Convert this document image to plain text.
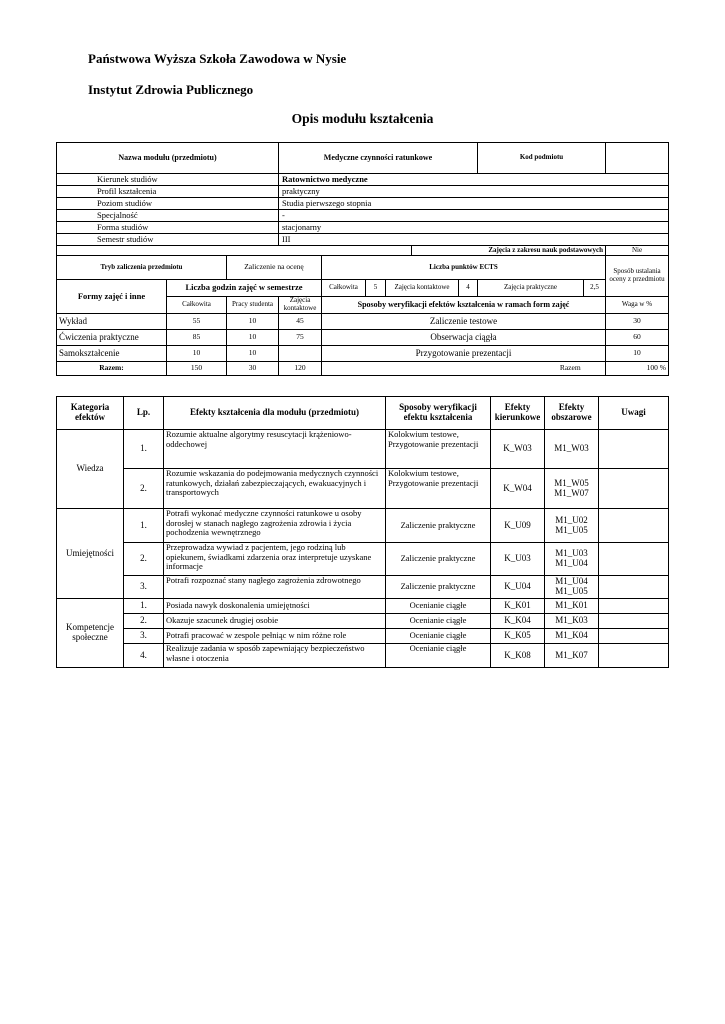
Państwowa Wyższa Szkoła Zawodowa w Nysie
Instytut Zdrowia Publicznego
Opis modułu kształcenia
Nazwa modułu (przedmiotu)			Medyczne czynności ratunkowe						Kod podmiotu			
Kierunek studiów			Ratownictwo medyczne									
Profil kształcenia			praktyczny									
Poziom studiów			Studia pierwszego stopnia									
Specjalność			-									
Forma studiów			stacjonarny									
Semestr studiów			III									
							Zajęcia z zakresu nauk podstawowych					Nie
Tryb zaliczenia przedmiotu		Zaliczenie na ocenę		Liczba punktów ECTS								Sposób ustalania oceny z przedmiotu
Formy zajęć i inne	Liczba godzin zajęć w semestrze			Całkowita	5	Zajęcia kontaktowe		4	Zajęcia praktyczne		2,5	
	Całkowita	Pracy studenta	Zajęcia kontaktowe	Sposoby weryfikacji efektów kształcenia w ramach form zajęć								Waga w %
Wykład	55	10	45	Zaliczenie testowe								30
Ćwiczenia praktyczne	85	10	75	Obserwacja ciągła								60
Samokształcenie	10	10		Przygotowanie prezentacji								10
Razem:	150	30	120							Razem		100 %
Kategoria efektów	Lp.	Efekty kształcenia dla modułu (przedmiotu)	Sposoby weryfikacji efektu kształcenia	Efekty kierunkowe	Efekty obszarowe	Uwagi
Wiedza	1.	Rozumie aktualne algorytmy resuscytacji krążeniowo-oddechowej	Kolokwium testowe, Przygotowanie prezentacji	K_W03	M1_W03	
	2.	Rozumie wskazania do podejmowania medycznych czynności ratunkowych, działań zabezpieczających, ewakuacyjnych i transportowych	Kolokwium testowe, Przygotowanie prezentacji	K_W04	M1_W05 M1_W07	
Umiejętności	1.	Potrafi wykonać medyczne czynności ratunkowe u osoby dorosłej w stanach nagłego zagrożenia zdrowia i życia pochodzenia wewnętrznego	Zaliczenie praktyczne	K_U09	M1_U02 M1_U05	
	2.	Przeprowadza wywiad z pacjentem, jego rodziną lub opiekunem, świadkami zdarzenia oraz interpretuje uzyskane informacje	Zaliczenie praktyczne	K_U03	M1_U03 M1_U04	
	3.	Potrafi rozpoznać stany nagłego zagrożenia zdrowotnego	Zaliczenie praktyczne	K_U04	M1_U04 M1_U05	
Kompetencje społeczne	1.	Posiada nawyk doskonalenia umiejętności	Ocenianie ciągłe	K_K01	M1_K01	
	2.	Okazuje szacunek drugiej osobie	Ocenianie ciągłe	K_K04	M1_K03	
	3.	Potrafi pracować w zespole pełniąc w nim różne role	Ocenianie ciągłe	K_K05	M1_K04	
	4.	Realizuje zadania w sposób zapewniający bezpieczeństwo własne i otoczenia	Ocenianie ciągłe	K_K08	M1_K07	
